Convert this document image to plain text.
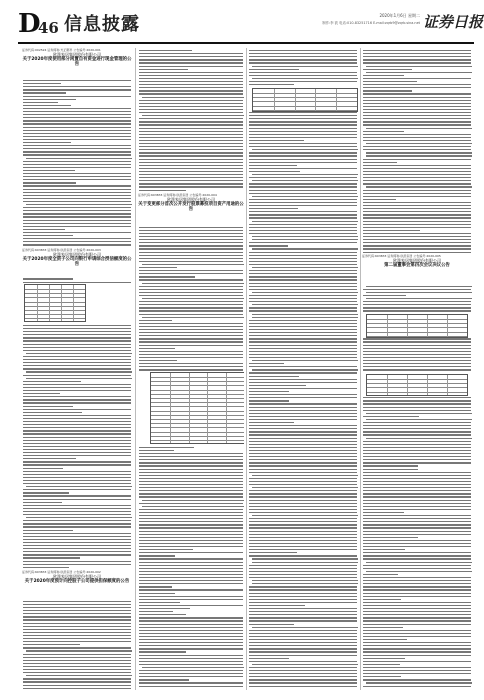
D
46 信息披露	2020年1月6日 星期二
制作:李 波 电话:010-83251716 E-mail:zqrb9@zqrb.sina.net 证券日报
证券代码:002524 证券简称:光正眼科 公告编号:2020-001
欧派家居集团股份有限公司
关于2020年度使用部分闲置自有资金进行现金管理的公告
证券代码:603833 证券简称:欧派家居 公告编号:2020-003
欧派家居集团股份有限公司
关于2020年度全资子公司向银行申请综合授信额度的公告
证券代码:603833 证券简称:欧派家居 公告编号:2020-002
欧派家居集团股份有限公司
关于2020年度预计向控股子公司提供担保额度的公告
证券代码:603833 证券简称:欧派家居 公告编号:2020-004
欧派家居集团股份有限公司
关于变更部分首次公开发行股票募投项目资产用途的公告
证券代码:603833 证券简称:欧派家居 公告编号:2020-005
欧派家居集团股份有限公司
第二届董事会第四次会议决议公告
